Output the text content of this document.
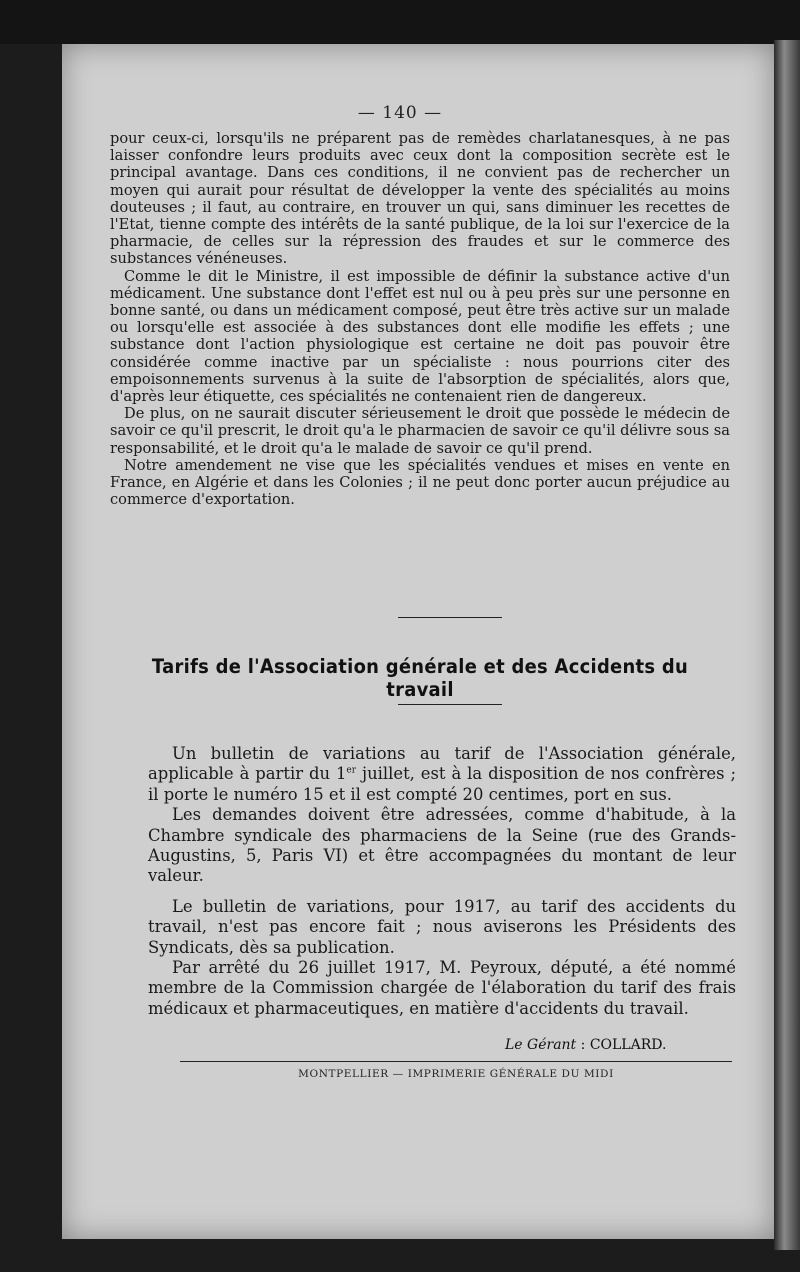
— 140 —

pour ceux-ci, lorsqu'ils ne préparent pas de remèdes charlatanesques, à ne pas laisser confondre leurs produits avec ceux dont la composition secrète est le principal avantage. Dans ces conditions, il ne convient pas de rechercher un moyen qui aurait pour résultat de développer la vente des spécialités au moins douteuses ; il faut, au contraire, en trouver un qui, sans diminuer les recettes de l'Etat, tienne compte des intérêts de la santé publique, de la loi sur l'exercice de la pharmacie, de celles sur la répression des fraudes et sur le commerce des substances vénéneuses.

Comme le dit le Ministre, il est impossible de définir la substance active d'un médicament. Une substance dont l'effet est nul ou à peu près sur une personne en bonne santé, ou dans un médicament composé, peut être très active sur un malade ou lorsqu'elle est associée à des substances dont elle modifie les effets ; une substance dont l'action physiologique est certaine ne doit pas pouvoir être considérée comme inactive par un spécialiste : nous pourrions citer des empoisonnements survenus à la suite de l'absorption de spécialités, alors que, d'après leur étiquette, ces spécialités ne contenaient rien de dangereux.

De plus, on ne saurait discuter sérieusement le droit que possède le médecin de savoir ce qu'il prescrit, le droit qu'a le pharmacien de savoir ce qu'il délivre sous sa responsabilité, et le droit qu'a le malade de savoir ce qu'il prend.

Notre amendement ne vise que les spécialités vendues et mises en vente en France, en Algérie et dans les Colonies ; il ne peut donc porter aucun préjudice au commerce d'exportation.

Tarifs de l'Association générale et des Accidents du travail

Un bulletin de variations au tarif de l'Association générale, applicable à partir du 1er juillet, est à la disposition de nos confrères ; il porte le numéro 15 et il est compté 20 centimes, port en sus.

Les demandes doivent être adressées, comme d'habitude, à la Chambre syndicale des pharmaciens de la Seine (rue des Grands-Augustins, 5, Paris VI) et être accompagnées du montant de leur valeur.

Le bulletin de variations, pour 1917, au tarif des accidents du travail, n'est pas encore fait ; nous aviserons les Présidents des Syndicats, dès sa publication.

Par arrêté du 26 juillet 1917, M. Peyroux, député, a été nommé membre de la Commission chargée de l'élaboration du tarif des frais médicaux et pharmaceutiques, en matière d'accidents du travail.

Le Gérant : COLLARD.
MONTPELLIER — IMPRIMERIE GÉNÉRALE DU MIDI
